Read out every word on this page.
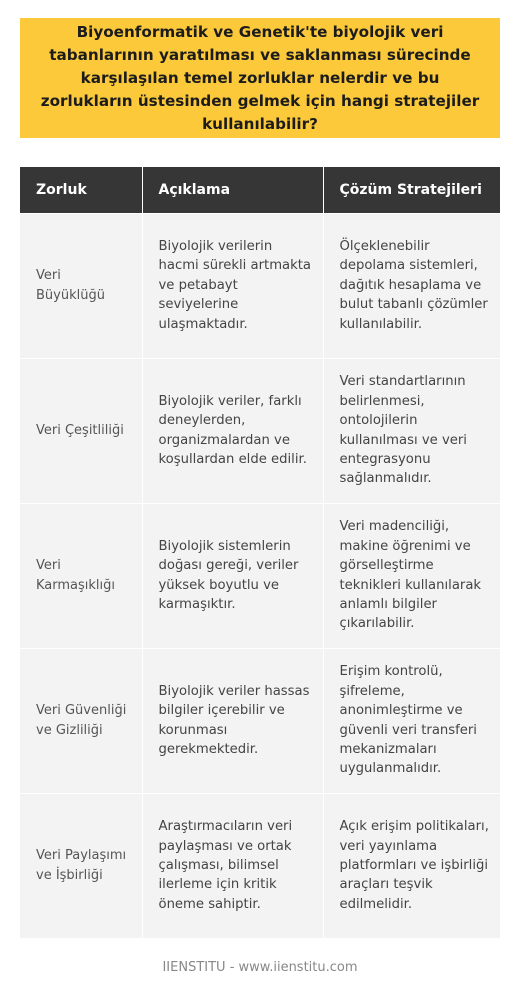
Biyoenformatik ve Genetik'te biyolojik veri tabanlarının yaratılması ve saklanması sürecinde karşılaşılan temel zorluklar nelerdir ve bu zorlukların üstesinden gelmek için hangi stratejiler kullanılabilir?
Zorluk	Açıklama	Çözüm Stratejileri
Veri Büyüklüğü	Biyolojik verilerin hacmi sürekli artmakta ve petabayt seviyelerine ulaşmaktadır.	Ölçeklenebilir depolama sistemleri, dağıtık hesaplama ve bulut tabanlı çözümler kullanılabilir.
Veri Çeşitliliği	Biyolojik veriler, farklı deneylerden, organizmalardan ve koşullardan elde edilir.	Veri standartlarının belirlenmesi, ontolojilerin kullanılması ve veri entegrasyonu sağlanmalıdır.
Veri Karmaşıklığı	Biyolojik sistemlerin doğası gereği, veriler yüksek boyutlu ve karmaşıktır.	Veri madenciliği, makine öğrenimi ve görselleştirme teknikleri kullanılarak anlamlı bilgiler çıkarılabilir.
Veri Güvenliği ve Gizliliği	Biyolojik veriler hassas bilgiler içerebilir ve korunması gerekmektedir.	Erişim kontrolü, şifreleme, anonimleştirme ve güvenli veri transferi mekanizmaları uygulanmalıdır.
Veri Paylaşımı ve İşbirliği	Araştırmacıların veri paylaşması ve ortak çalışması, bilimsel ilerleme için kritik öneme sahiptir.	Açık erişim politikaları, veri yayınlama platformları ve işbirliği araçları teşvik edilmelidir.
IIENSTITU - www.iienstitu.com
